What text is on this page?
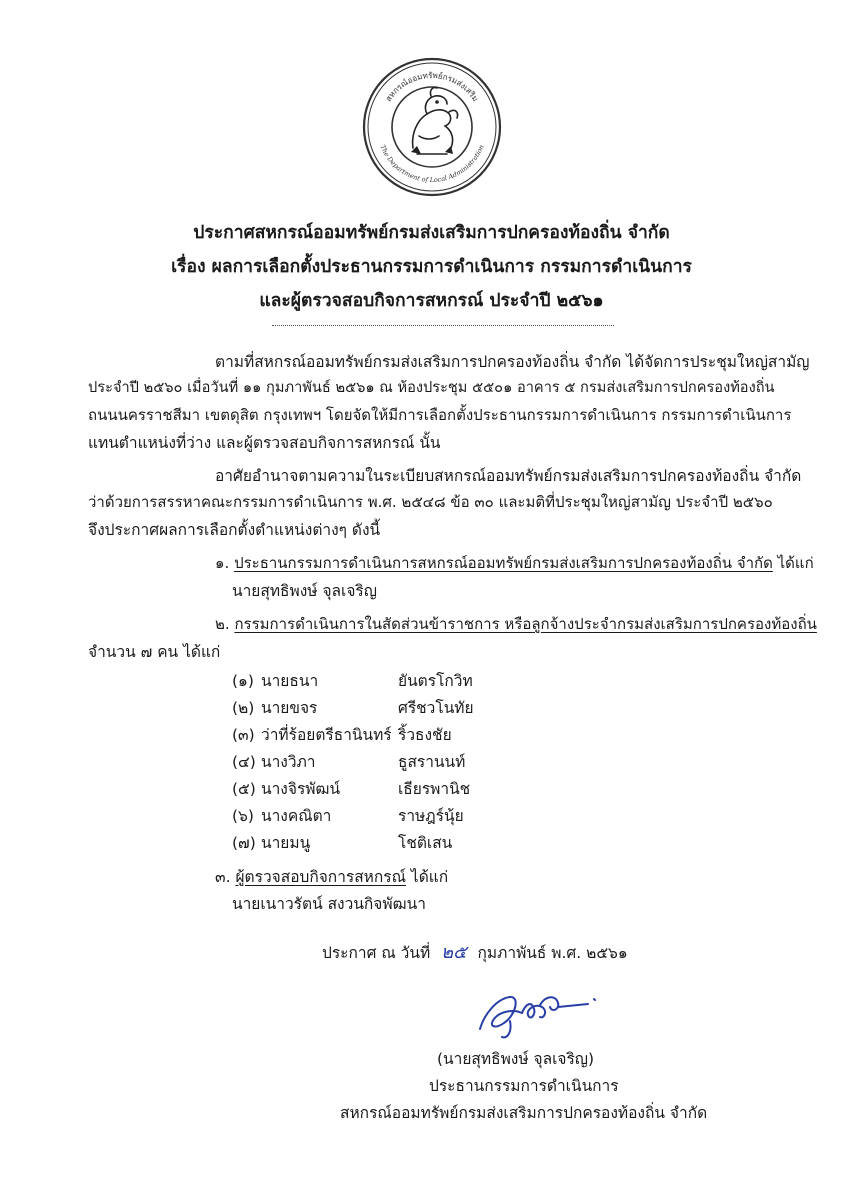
สหกรณ์ออมทรัพย์กรมส่งเสริม
The Department of Local Administration
ประกาศสหกรณ์ออมทรัพย์กรมส่งเสริมการปกครองท้องถิ่น จำกัด
เรื่อง ผลการเลือกตั้งประธานกรรมการดำเนินการ กรรมการดำเนินการ
และผู้ตรวจสอบกิจการสหกรณ์ ประจำปี ๒๕๖๑
ตามที่สหกรณ์ออมทรัพย์กรมส่งเสริมการปกครองท้องถิ่น จำกัด ได้จัดการประชุมใหญ่สามัญ
ประจำปี ๒๕๖๐ เมื่อวันที่ ๑๑ กุมภาพันธ์ ๒๕๖๑ ณ ห้องประชุม ๕๕๐๑ อาคาร ๕ กรมส่งเสริมการปกครองท้องถิ่น
ถนนนครราชสีมา เขตดุสิต กรุงเทพฯ โดยจัดให้มีการเลือกตั้งประธานกรรมการดำเนินการ กรรมการดำเนินการ
แทนตำแหน่งที่ว่าง และผู้ตรวจสอบกิจการสหกรณ์ นั้น
อาศัยอำนาจตามความในระเบียบสหกรณ์ออมทรัพย์กรมส่งเสริมการปกครองท้องถิ่น จำกัด
ว่าด้วยการสรรหาคณะกรรมการดำเนินการ พ.ศ. ๒๕๔๘ ข้อ ๓๐ และมติที่ประชุมใหญ่สามัญ ประจำปี ๒๕๖๐
จึงประกาศผลการเลือกตั้งตำแหน่งต่างๆ ดังนี้
๑. ประธานกรรมการดำเนินการสหกรณ์ออมทรัพย์กรมส่งเสริมการปกครองท้องถิ่น จำกัด ได้แก่
นายสุทธิพงษ์ จุลเจริญ
๒. กรรมการดำเนินการในสัดส่วนข้าราชการ หรือลูกจ้างประจำกรมส่งเสริมการปกครองท้องถิ่น
จำนวน ๗ คน ได้แก่
(๑) นายธนา	ยันตรโกวิท
(๒) นายขจร	ศรีชวโนทัย
(๓) ว่าที่ร้อยตรีธานินทร์ ริ้วธงชัย
(๔) นางวิภา	ธูสรานนท์
(๕) นางจิรพัฒน์	เธียรพานิช
(๖) นางคณิตา	ราษฎร์นุ้ย
(๗) นายมนู	โชติเสน
๓. ผู้ตรวจสอบกิจการสหกรณ์ ได้แก่
นายเนาวรัตน์ สงวนกิจพัฒนา
ประกาศ ณ วันที่ ๒๕ กุมภาพันธ์ พ.ศ. ๒๕๖๑
(นายสุทธิพงษ์ จุลเจริญ)
ประธานกรรมการดำเนินการ
สหกรณ์ออมทรัพย์กรมส่งเสริมการปกครองท้องถิ่น จำกัด
